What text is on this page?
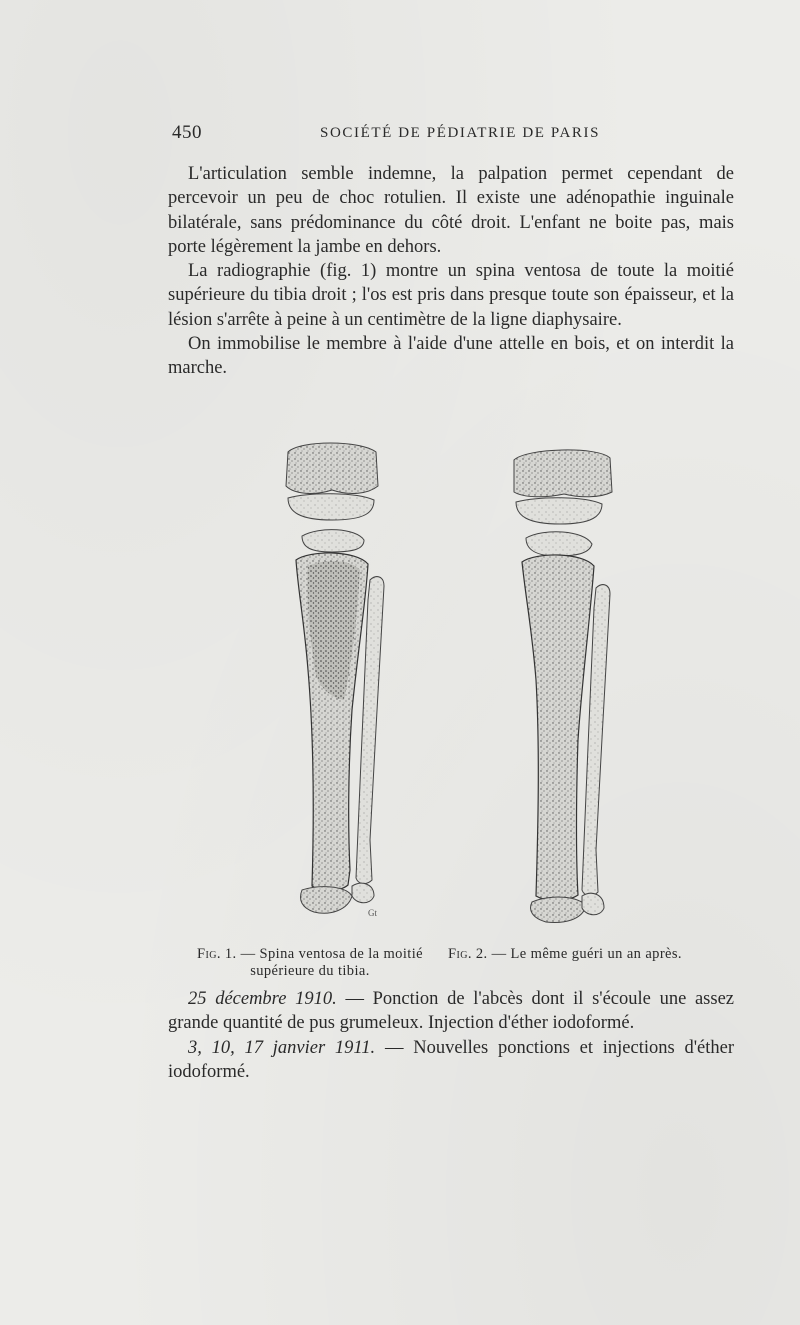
450	SOCIÉTÉ DE PÉDIATRIE DE PARIS

L'articulation semble indemne, la palpation permet cependant de percevoir un peu de choc rotulien. Il existe une adénopathie inguinale bilatérale, sans prédominance du côté droit. L'enfant ne boite pas, mais porte légèrement la jambe en dehors.

La radiographie (fig. 1) montre un spina ventosa de toute la moitié supérieure du tibia droit ; l'os est pris dans presque toute son épaisseur, et la lésion s'arrête à peine à un centimètre de la ligne diaphysaire.

On immobilise le membre à l'aide d'une attelle en bois, et on interdit la marche.

Gt
Fig. 1. — Spina ventosa de la moitié supérieure du tibia.
Fig. 2. — Le même guéri un an après.

25 décembre 1910. — Ponction de l'abcès dont il s'écoule une assez grande quantité de pus grumeleux. Injection d'éther iodoformé.

3, 10, 17 janvier 1911. — Nouvelles ponctions et injections d'éther iodoformé.
